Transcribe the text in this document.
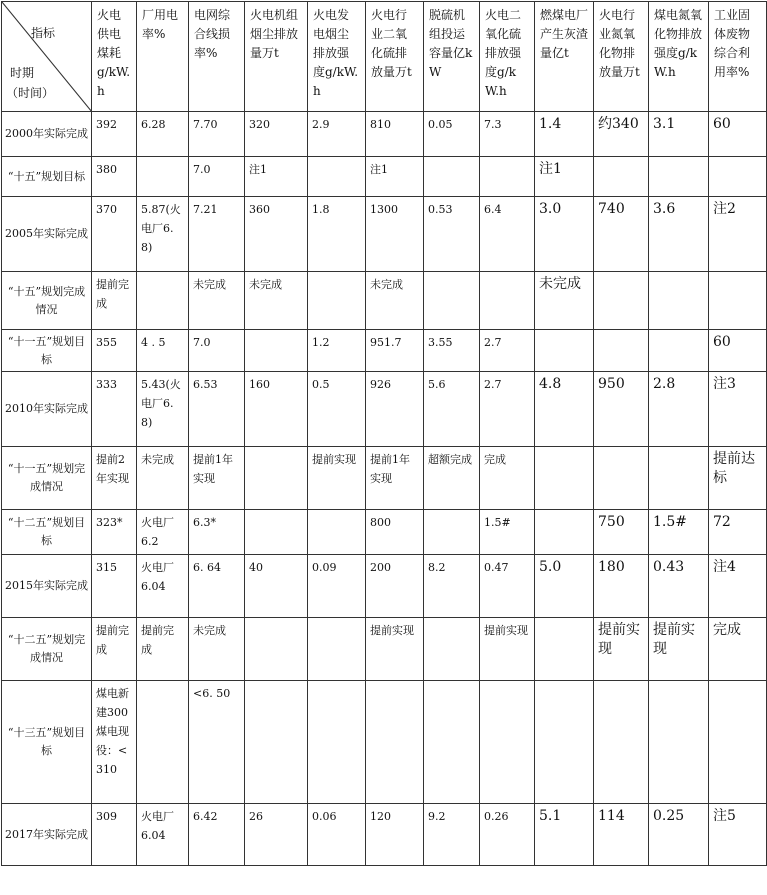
指标
时期
（时间）	火电供电煤耗g/kW.h	厂用电率%	电网综合线损率%	火电机组烟尘排放量万t	火电发电烟尘排放强度g/kW.h	火电行业二氧化硫排放量万t	脱硫机组投运容量亿kW	火电二氧化硫排放强度g/kW.h	燃煤电厂产生灰渣量亿t	火电行业氮氧化物排放量万t	煤电氮氧化物排放强度g/kW.h	工业固体废物综合利用率%
2000年实际完成	392	6.28	7.70	320	2.9	810	0.05	7.3	1.4	约340	3.1	60
“十五”规划目标	380		7.0	注1		注1			注1			
2005年实际完成	370	5.87(火电厂6.8)	7.21	360	1.8	1300	0.53	6.4	3.0	740	3.6	注2
“十五”规划完成情况	提前完成		未完成	未完成		未完成			未完成			
“十一五”规划目标	355	4 . 5	7.0		1.2	951.7	3.55	2.7				60
2010年实际完成	333	5.43(火电厂6.8)	6.53	160	0.5	926	5.6	2.7	4.8	950	2.8	注3
“十一五”规划完成情况	提前2年实现	未完成	提前1年实现		提前实现	提前1年实现	超额完成	完成				提前达标
“十二五”规划目标	323*	火电厂6.2	6.3*			800		1.5#		750	1.5#	72
2015年实际完成	315	火电厂6.04	6. 64	40	0.09	200	8.2	0.47	5.0	180	0.43	注4
“十二五”规划完成情况	提前完成	提前完成	未完成			提前实现		提前实现		提前实现	提前实现	完成
“十三五”规划目标	煤电新建300煤电现役：<310		<6. 50									
2017年实际完成	309	火电厂6.04	6.42	26	0.06	120	9.2	0.26	5.1	114	0.25	注5
